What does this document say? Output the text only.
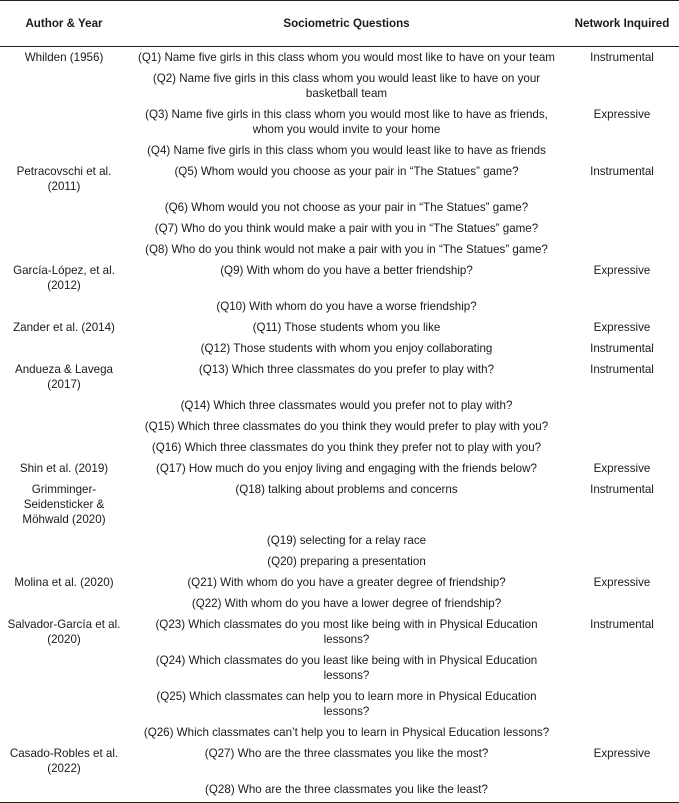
Author & Year	Sociometric Questions	Network Inquired
Whilden (1956)	(Q1) Name five girls in this class whom you would most like to have on your team	Instrumental
	(Q2) Name five girls in this class whom you would least like to have on your basketball team	
	(Q3) Name five girls in this class whom you would most like to have as friends, whom you would invite to your home	Expressive
	(Q4) Name five girls in this class whom you would least like to have as friends	
Petracovschi et al. (2011)	(Q5) Whom would you choose as your pair in “The Statues” game?	Instrumental
	(Q6) Whom would you not choose as your pair in “The Statues” game?	
	(Q7) Who do you think would make a pair with you in “The Statues” game?	
	(Q8) Who do you think would not make a pair with you in “The Statues” game?	
García-López, et al. (2012)	(Q9) With whom do you have a better friendship?	Expressive
	(Q10) With whom do you have a worse friendship?	
Zander et al. (2014)	(Q11) Those students whom you like	Expressive
	(Q12) Those students with whom you enjoy collaborating	Instrumental
Andueza & Lavega (2017)	(Q13) Which three classmates do you prefer to play with?	Instrumental
	(Q14) Which three classmates would you prefer not to play with?	
	(Q15) Which three classmates do you think they would prefer to play with you?	
	(Q16) Which three classmates do you think they prefer not to play with you?	
Shin et al. (2019)	(Q17) How much do you enjoy living and engaging with the friends below?	Expressive
Grimminger-Seidensticker & Möhwald (2020)	(Q18) talking about problems and concerns	Instrumental
	(Q19) selecting for a relay race	
	(Q20) preparing a presentation	
Molina et al. (2020)	(Q21) With whom do you have a greater degree of friendship?	Expressive
	(Q22) With whom do you have a lower degree of friendship?	
Salvador-García et al. (2020)	(Q23) Which classmates do you most like being with in Physical Education lessons?	Instrumental
	(Q24) Which classmates do you least like being with in Physical Education lessons?	
	(Q25) Which classmates can help you to learn more in Physical Education lessons?	
	(Q26) Which classmates can’t help you to learn in Physical Education lessons?	
Casado-Robles et al. (2022)	(Q27) Who are the three classmates you like the most?	Expressive
	(Q28) Who are the three classmates you like the least?	
